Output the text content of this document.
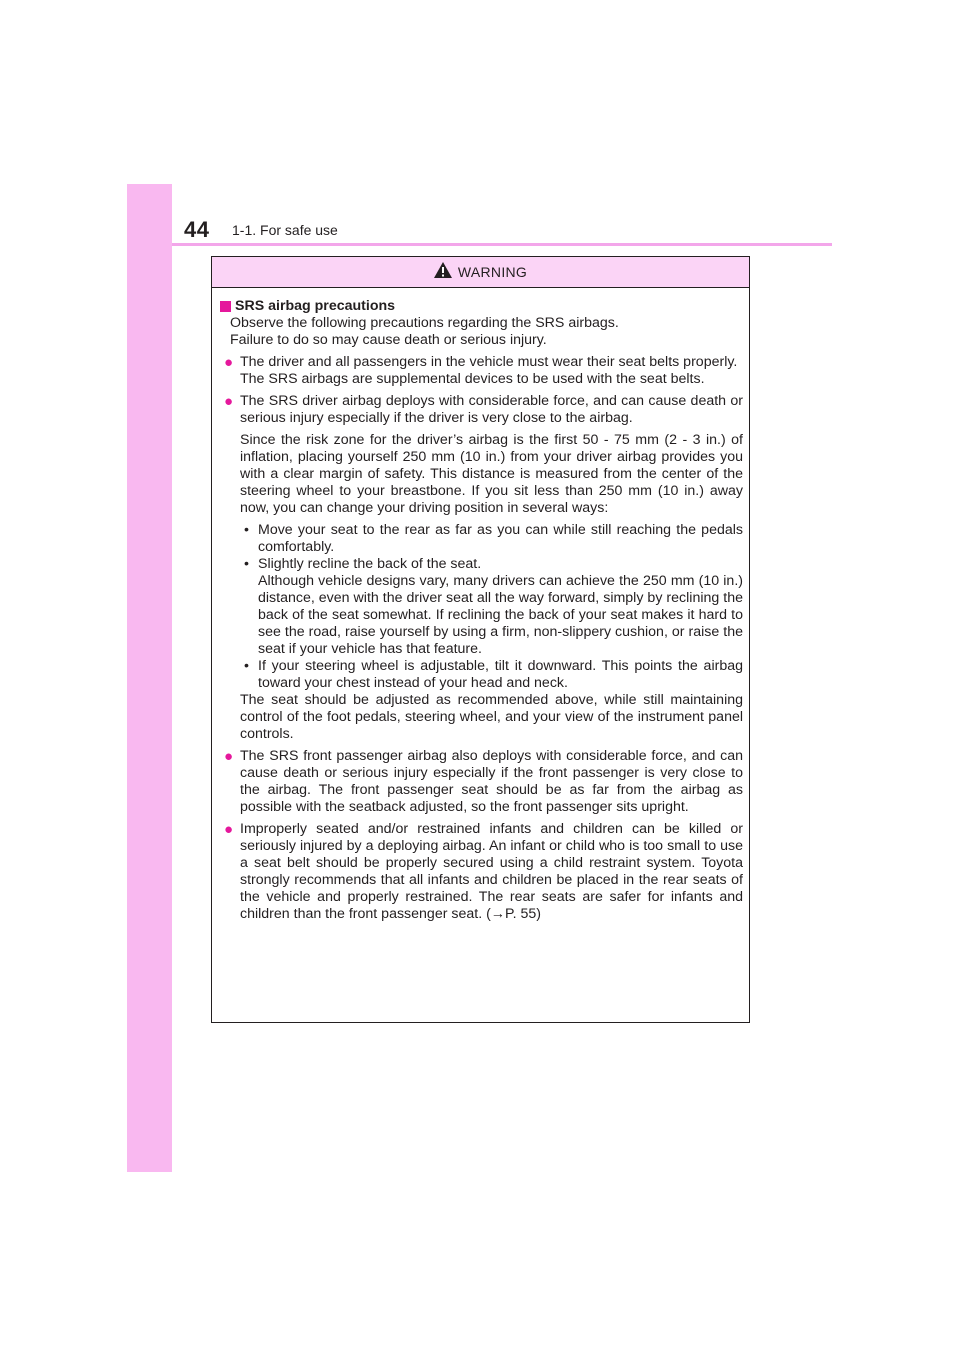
44 1-1. For safe use
WARNING
SRS airbag precautions

Observe the following precautions regarding the SRS airbags.

Failure to do so may cause death or serious injury.

● The driver and all passengers in the vehicle must wear their seat belts properly.

The SRS airbags are supplemental devices to be used with the seat belts.

● The SRS driver airbag deploys with considerable force, and can cause death or serious injury especially if the driver is very close to the airbag.

Since the risk zone for the driver’s airbag is the first 50 - 75 mm (2 - 3 in.) of inflation, placing yourself 250 mm (10 in.) from your driver airbag provides you with a clear margin of safety. This distance is measured from the center of the steering wheel to your breastbone. If you sit less than 250 mm (10 in.) away now, you can change your driving position in several ways:

• Move your seat to the rear as far as you can while still reaching the pedals comfortably.
• Slightly recline the back of the seat.

Although vehicle designs vary, many drivers can achieve the 250 mm (10 in.) distance, even with the driver seat all the way forward, simply by reclining the back of the seat somewhat. If reclining the back of your seat makes it hard to see the road, raise yourself by using a firm, non-slippery cushion, or raise the seat if your vehicle has that feature.

• If your steering wheel is adjustable, tilt it downward. This points the airbag toward your chest instead of your head and neck.

The seat should be adjusted as recommended above, while still maintaining control of the foot pedals, steering wheel, and your view of the instrument panel controls.

● The SRS front passenger airbag also deploys with considerable force, and can cause death or serious injury especially if the front passenger is very close to the airbag. The front passenger seat should be as far from the airbag as possible with the seatback adjusted, so the front passenger sits upright.
● Improperly seated and/or restrained infants and children can be killed or seriously injured by a deploying airbag. An infant or child who is too small to use a seat belt should be properly secured using a child restraint system. Toyota strongly recommends that all infants and children be placed in the rear seats of the vehicle and properly restrained. The rear seats are safer for infants and children than the front passenger seat. (→P. 55)
